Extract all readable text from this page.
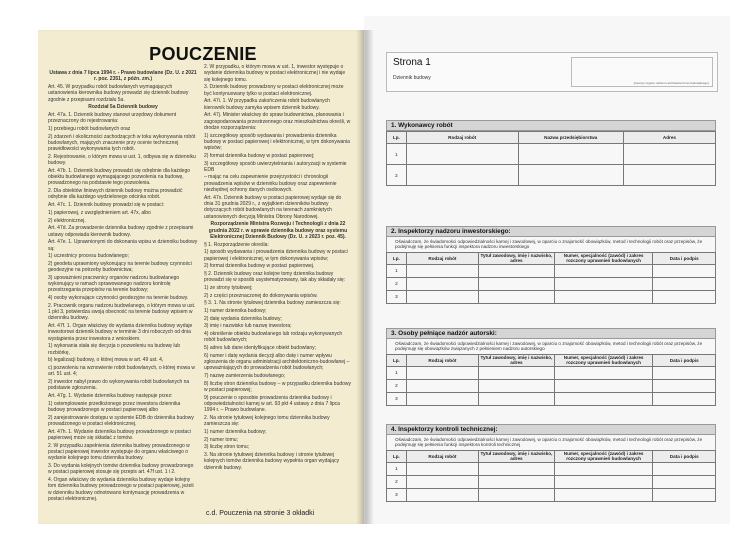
POUCZENIE

Ustawa z dnia 7 lipca 1994 r. - Prawo budowlane (Dz. U. z 2021 r. poz. 2351, z późn. zm.)

Art. 45. W przypadku robót budowlanych wymagających ustanowienia kierownika budowy prowadzi się dziennik budowy zgodnie z przepisami rozdziału 5a.

Rozdział 5a Dziennik budowy

Art. 47a. 1. Dziennik budowy stanowi urzędowy dokument przeznaczony do rejestrowania:

1) przebiegu robót budowlanych oraz

2) zdarzeń i okoliczności zachodzących w toku wykonywania robót budowlanych, mających znaczenie przy ocenie technicznej prawidłowości wykonywania tych robót.

2. Rejestrowanie, o którym mowa w ust. 1, odbywa się w dzienniku budowy.

Art. 47b. 1. Dziennik budowy prowadzi się odrębnie dla każdego obiektu budowlanego wymagającego pozwolenia na budowę, prowadzonego na podstawie tego pozwolenia.

2. Dla obiektów liniowych dziennik budowy można prowadzić odrębnie dla każdego wydzielonego odcinka robót.

Art. 47c. 1. Dziennik budowy prowadzi się w postaci:

1) papierowej, z uwzględnieniem art. 47x, albo

2) elektronicznej.

Art. 47d. Za prowadzenie dziennika budowy zgodnie z przepisami ustawy odpowiada kierownik budowy.

Art. 47e. 1. Uprawnionymi do dokonania wpisu w dzienniku budowy są:

1) uczestnicy procesu budowlanego;

2) geodeta uprawniony wykonujący na terenie budowy czynności geodezyjne na potrzeby budownictwa;

3) upoważnieni pracownicy organów nadzoru budowlanego wykonujący w ramach sprawowanego nadzoru kontrolę przestrzegania przepisów na terenie budowy;

4) osoby wykonujące czynności geodezyjne na terenie budowy.

2. Pracownik organu nadzoru budowlanego, o którym mowa w ust. 1 pkt 3, potwierdza swoją obecność na terenie budowy wpisem w dzienniku budowy.

Art. 47f. 1. Organ właściwy do wydania dziennika budowy wydaje inwestorowi dziennik budowy w terminie 3 dni roboczych od dnia wystąpienia przez inwestora z wnioskiem.

1) wykonania stała się decyzja o pozwoleniu na budowę lub rozbiórkę,

b) legalizacji budowy, o której mowa w art. 49 ust. 4,

c) pozwoleniu na wznowienie robót budowlanych, o której mowa w art. 51 ust. 4;

2) inwestor nabył prawo do wykonywania robót budowlanych na podstawie zgłoszenia.

Art. 47g. 1. Wydanie dziennika budowy następuje przez:

1) ostemplowanie przedłożonego przez inwestora dziennika budowy prowadzonego w postaci papierowej albo

2) zarejestrowanie dostępu w systemie EDB do dziennika budowy prowadzonego w postaci elektronicznej.

Art. 47h. 1. Wydanie dziennika budowy prowadzonego w postaci papierowej może się składać z tomów.

2. W przypadku zapełnienia dziennika budowy prowadzonego w postaci papierowej inwestor występuje do organu właściwego o wydanie kolejnego tomu dziennika budowy.

3. Do wydania kolejnych tomów dziennika budowy prowadzonego w postaci papierowej stosuje się przepis art. 47f ust. 1 i 2.

4. Organ właściwy do wydania dziennika budowy wydaje kolejny tom dziennika budowy prowadzonego w postaci papierowej, jeżeli w dzienniku budowy odnotowano kontynuację prowadzenia w postaci elektronicznej.

2. W przypadku, o którym mowa w ust. 1, inwestor występuje o wydanie dziennika budowy w postaci elektronicznej i nie wydaje się kolejnego tomu.

3. Dziennik budowy prowadzony w postaci elektronicznej może być kontynuowany tylko w postaci elektronicznej.

Art. 47i. 1. W przypadku zakończenia robót budowlanych kierownik budowy zamyka wpisem dziennik budowy.

Art. 47j. Minister właściwy do spraw budownictwa, planowania i zagospodarowania przestrzennego oraz mieszkalnictwa określi, w drodze rozporządzenia:

1) szczegółowy sposób wydawania i prowadzenia dziennika budowy w postaci papierowej i elektronicznej, w tym dokonywania wpisów;

2) format dziennika budowy w postaci papierowej;

3) szczegółowy sposób uwierzytelniania i autoryzacji w systemie EDB

– mając na celu zapewnienie przejrzystości i chronologii prowadzenia wpisów w dzienniku budowy oraz zapewnienie niezbędnej ochrony danych osobowych.

Art. 47x. Dziennik budowy w postaci papierowej wydaje się do dnia 31 grudnia 2029 r., z wyjątkiem dzienników budowy dotyczących robót budowlanych na terenach zamkniętych ustanowionych decyzją Ministra Obrony Narodowej.

Rozporządzenie Ministra Rozwoju i Technologii z dnia 22 grudnia 2022 r. w sprawie dziennika budowy oraz systemu Elektronicznej Dziennik Budowy (Dz. U. z 2023 r. poz. 45).

§ 1. Rozporządzenie określa:

1) sposób wydawania i prowadzenia dziennika budowy w postaci papierowej i elektronicznej, w tym dokonywania wpisów;

2) format dziennika budowy w postaci papierowej.

§ 2. Dziennik budowy oraz kolejne tomy dziennika budowy prowadzi się w sposób usystematyzowany, tak aby składały się:

1) ze strony tytułowej;

2) z części przeznaczonej do dokonywania wpisów.

§ 3. 1. Na stronie tytułowej dziennika budowy zamieszcza się:

1) numer dziennika budowy;

2) datę wydania dziennika budowy;

3) imię i nazwisko lub nazwę inwestora;

4) określenie obiektu budowlanego lub rodzaju wykonywanych robót budowlanych;

5) adres lub dane identyfikujące obiekt budowlany;

6) numer i datę wydania decyzji albo datę i numer wpływu zgłoszenia do organu administracji architektoniczno-budowlanej – upoważniających do prowadzenia robót budowlanych;

7) nazwę zamierzenia budowlanego;

8) liczbę stron dziennika budowy – w przypadku dziennika budowy w postaci papierowej;

9) pouczenie o sposobie prowadzenia dziennika budowy i odpowiedzialności karnej w art. 93 pkt 4 ustawy z dnia 7 lipca 1994 r. – Prawo budowlane.

2. Na stronie tytułowej kolejnego tomu dziennika budowy zamieszcza się:

1) numer dziennika budowy;

2) numer tomu;

3) liczbę stron tomu;

3. Na stronie tytułowej dziennika budowy i stronie tytułowej kolejnych tomów dziennika budowy wypełnia organ wydający dziennik budowy.

c.d. Pouczenia na stronie 3 okładki
Strona 1
Dziennik budowy
(pieczęć organu nadzoru architektoniczno-budowlanego)
1. Wykonawcy robót
Lp.	Rodzaj robót	Nazwa przedsiębiorstwa	Adres
1			
2			
2. Inspektorzy nadzoru inwestorskiego:
Oświadczam, że świadomości odpowiedzialności karnej i zawodowej, w oparciu o znajomość obowiązków, metod i technologii robót oraz przepisów, że podejmuję się pełnienia funkcji inspektora nadzoru inwestorskiego
Lp.	Rodzaj robót	Tytuł zawodowy, imię i nazwisko, adres	Numer, specjalność (zawód) i zakres rozczony uprawnień budowlanych	Data i podpis
1				
2				
3				
3. Osoby pełniące nadzór autorski:
Oświadczam, że świadomości odpowiedzialności karnej i zawodowej, w oparciu o znajomość obowiązków, metod i technologii robót oraz przepisów, że podejmuję się obowiązków związanych z pełnieniem nadzoru autorskiego
Lp.	Rodzaj robót	Tytuł zawodowy, imię i nazwisko, adres	Numer, specjalność (zawód) i zakres rozczony uprawnień budowlanych	Data i podpis
1				
2				
3				
4. Inspektorzy kontroli technicznej:
Oświadczam, że świadomości odpowiedzialności karnej i zawodowej, w oparciu o znajomość obowiązków, metod i technologii robót oraz przepisów, że podejmuję się pełnienia funkcji inspektora kontroli technicznej
Lp.	Rodzaj robót	Tytuł zawodowy, imię i nazwisko, adres	Numer, specjalność (zawód) i zakres rozczony uprawnień budowlanych	Data i podpis
1				
2				
3				
